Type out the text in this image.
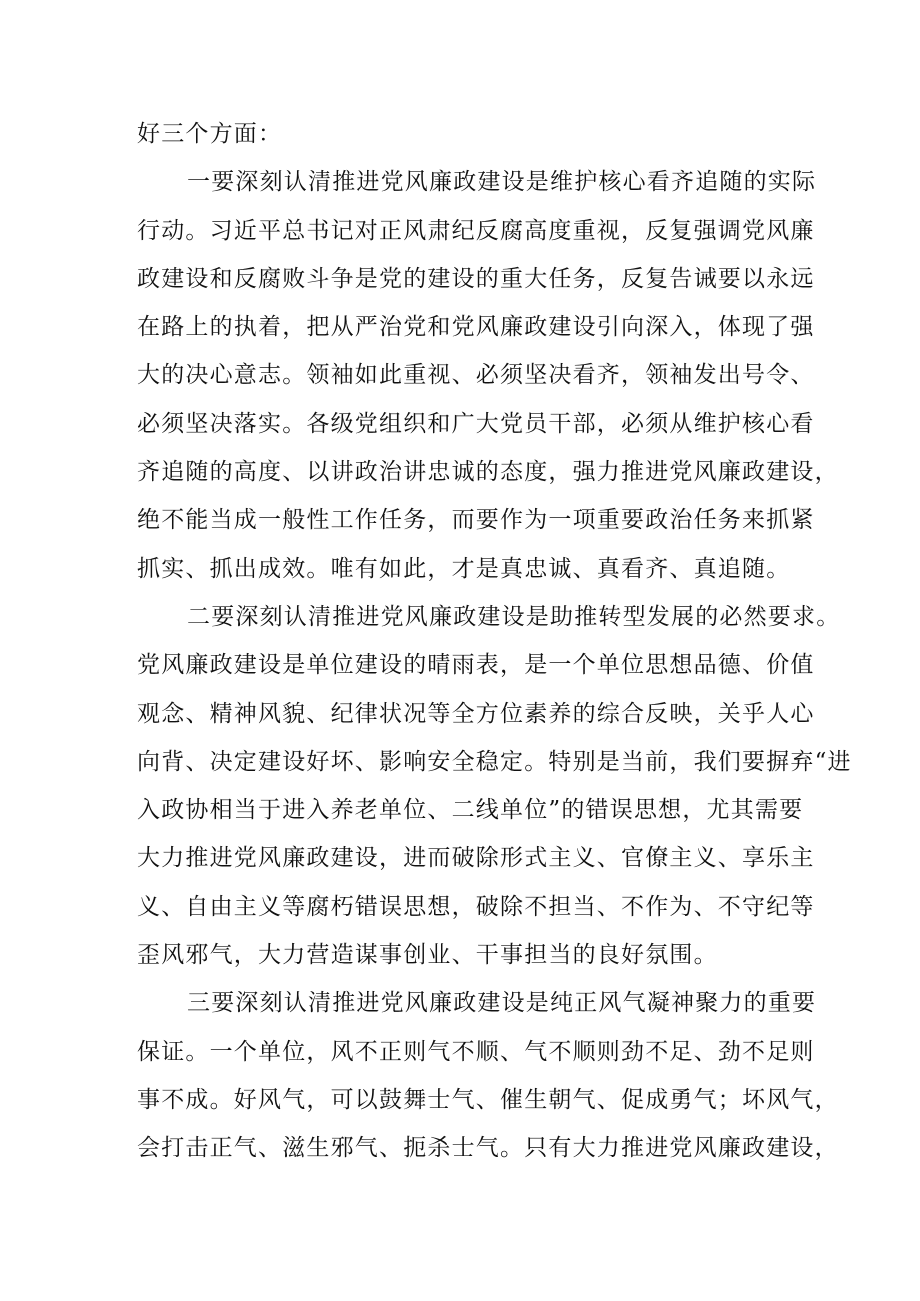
好三个方面：
一要深刻认清推进党风廉政建设是维护核心看齐追随的实际
行动。习近平总书记对正风肃纪反腐高度重视，反复强调党风廉
政建设和反腐败斗争是党的建设的重大任务，反复告诫要以永远
在路上的执着，把从严治党和党风廉政建设引向深入，体现了强
大的决心意志。领袖如此重视、必须坚决看齐，领袖发出号令、
必须坚决落实。各级党组织和广大党员干部，必须从维护核心看
齐追随的高度、以讲政治讲忠诚的态度，强力推进党风廉政建设，
绝不能当成一般性工作任务，而要作为一项重要政治任务来抓紧
抓实、抓出成效。唯有如此，才是真忠诚、真看齐、真追随。
二要深刻认清推进党风廉政建设是助推转型发展的必然要求。
党风廉政建设是单位建设的晴雨表，是一个单位思想品德、价值
观念、精神风貌、纪律状况等全方位素养的综合反映，关乎人心
向背、决定建设好坏、影响安全稳定。特别是当前，我们要摒弃“进
入政协相当于进入养老单位、二线单位”的错误思想，尤其需要
大力推进党风廉政建设，进而破除形式主义、官僚主义、享乐主
义、自由主义等腐朽错误思想，破除不担当、不作为、不守纪等
歪风邪气，大力营造谋事创业、干事担当的良好氛围。
三要深刻认清推进党风廉政建设是纯正风气凝神聚力的重要
保证。一个单位，风不正则气不顺、气不顺则劲不足、劲不足则
事不成。好风气，可以鼓舞士气、催生朝气、促成勇气；坏风气，
会打击正气、滋生邪气、扼杀士气。只有大力推进党风廉政建设，
